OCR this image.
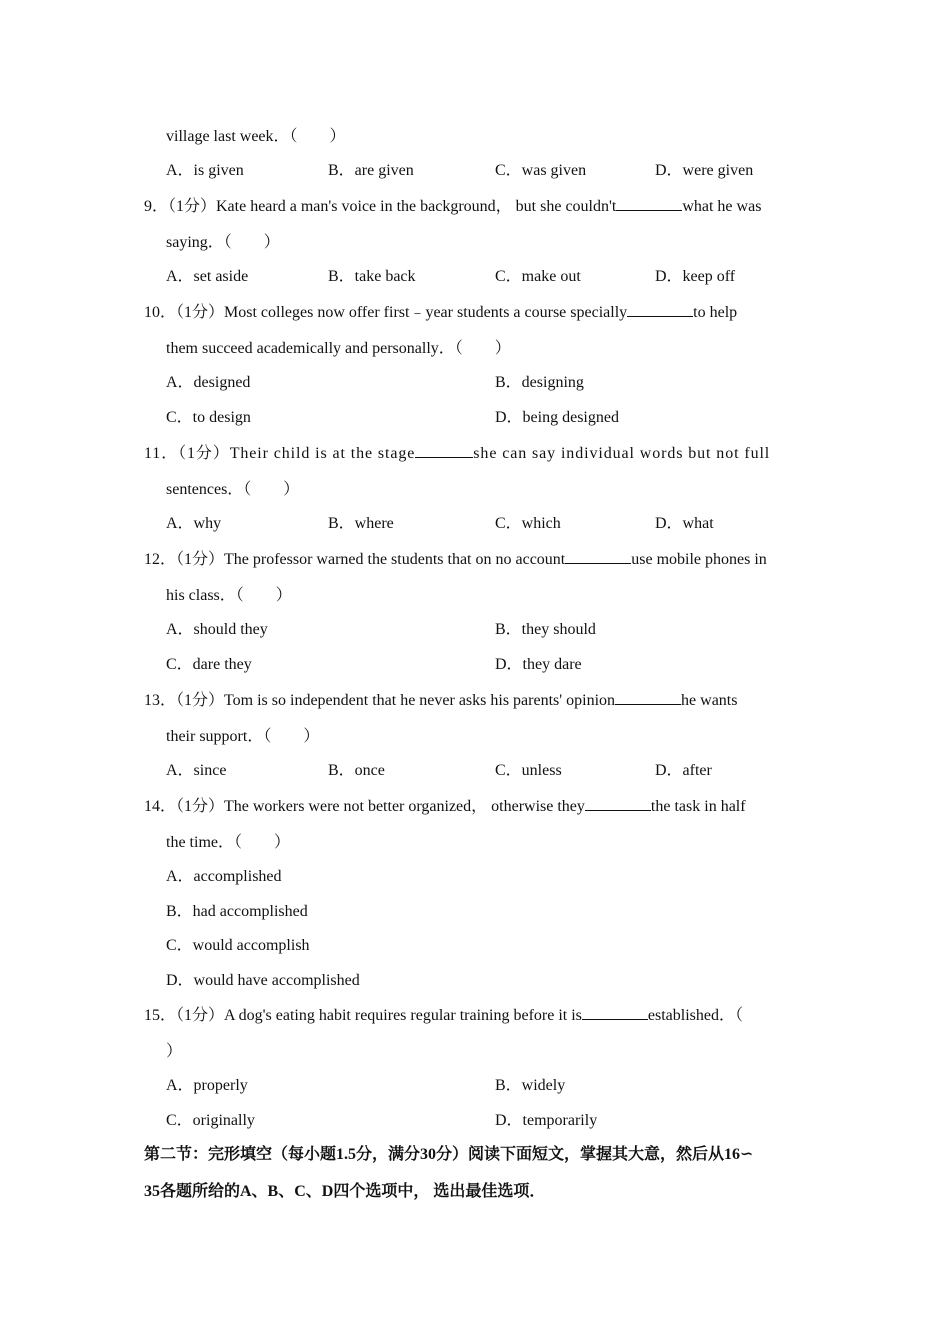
village last week．（　　）
A．is given	B．are given	C．was given	D．were given
9．（1分）Kate heard a man's voice in the background， but she couldn't	what he was
saying．（　　）
A．set aside	B．take back	C．make out	D．keep off
10．（1分）Most colleges now offer first﹣year students a course specially	to help
them succeed academically and personally．（　　）
A．designed	B．designing
C．to design	D．being designed
11．（1分）Their child is at the stage	she can say individual words but not full
sentences．（　　）
A．why	B．where	C．which	D．what
12．（1分）The professor warned the students that on no account	use mobile phones in
his class．（　　）
A．should they	B．they should
C．dare they	D．they dare
13．（1分）Tom is so independent that he never asks his parents' opinion	he wants
their support．（　　）
A．since	B．once	C．unless	D．after
14．（1分）The workers were not better organized， otherwise they	the task in half
the time．（　　）
A．accomplished
B．had accomplished
C．would accomplish
D．would have accomplished
15．（1分）A dog's eating habit requires regular training before it is	established．（
）
A．properly	B．widely
C．originally	D．temporarily
第二节：完形填空（每小题1.5分，满分30分）阅读下面短文，掌握其大意，然后从16∽
35各题所给的A、B、C、D四个选项中， 选出最佳选项．
